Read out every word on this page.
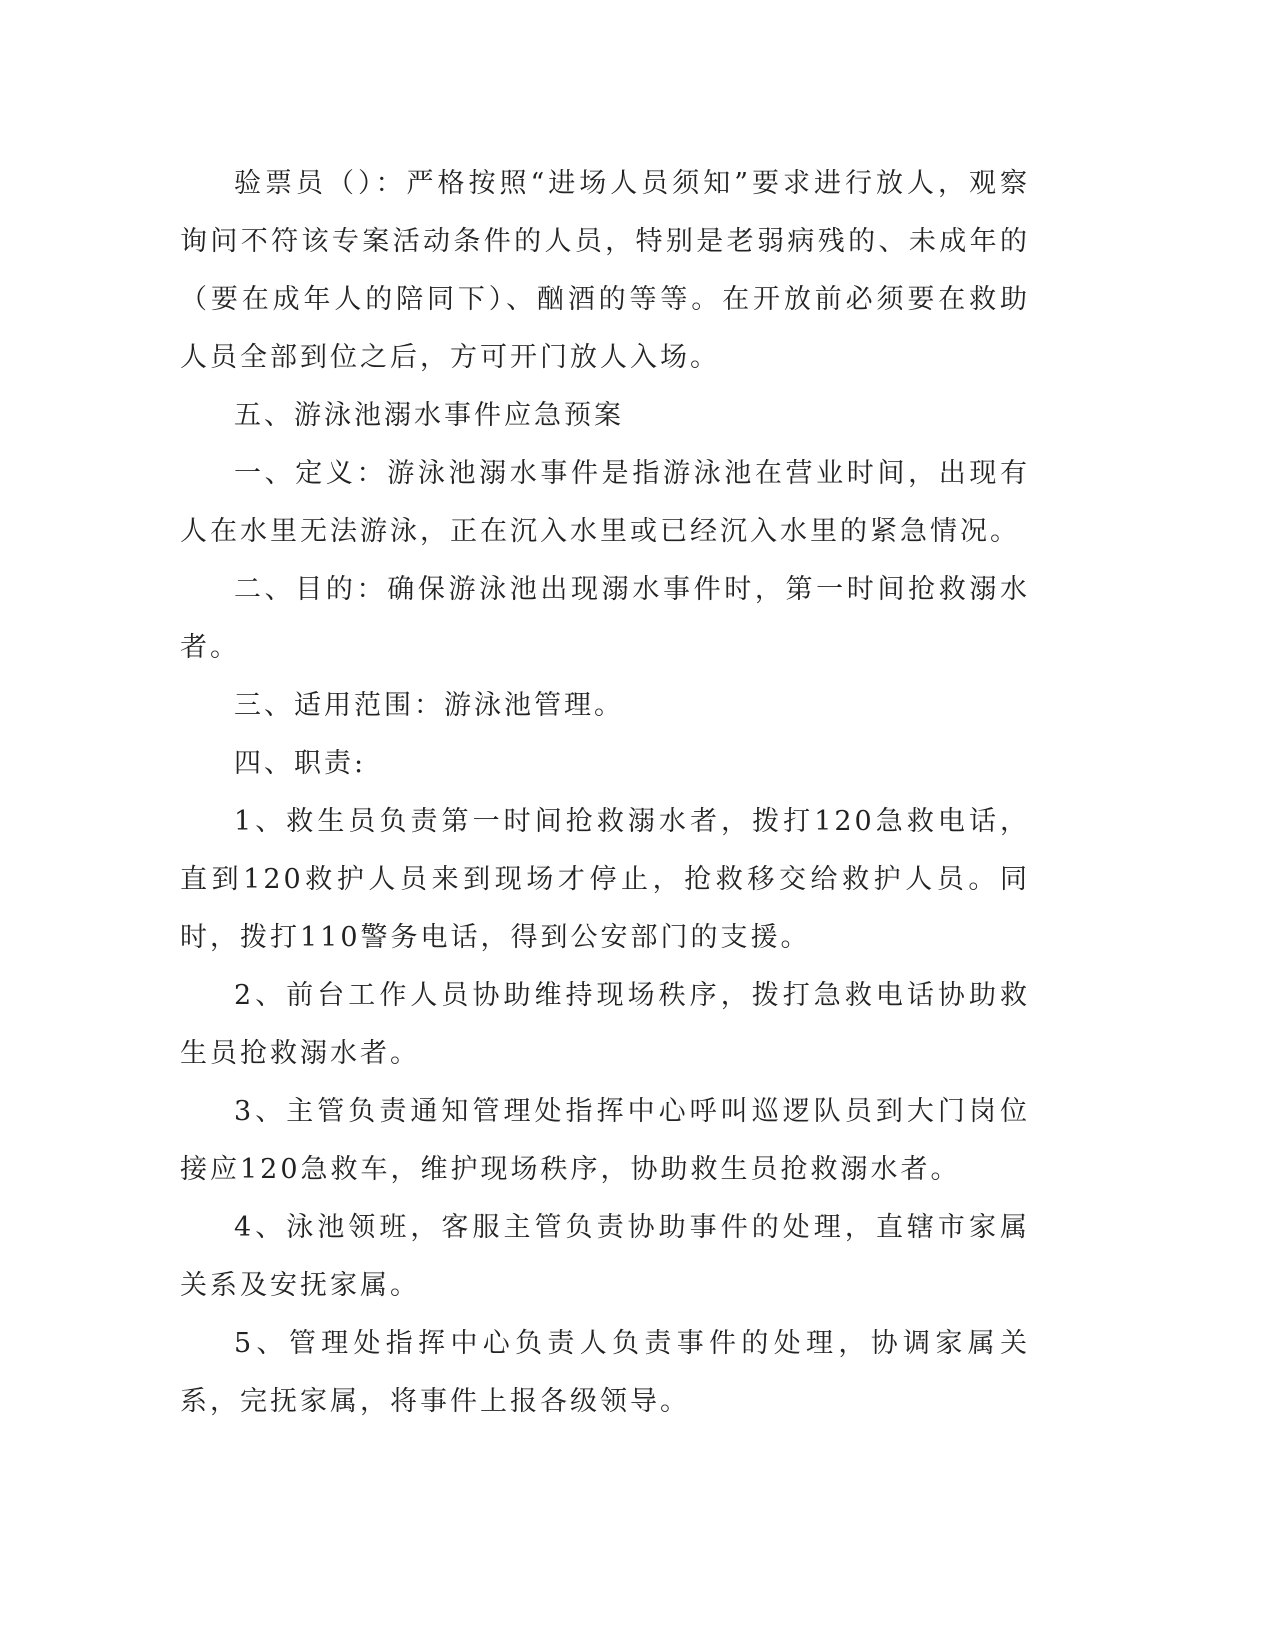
验票员（）：严格按照“进场人员须知”要求进行放人，观察询问不符该专案活动条件的人员，特别是老弱病残的、未成年的（要在成年人的陪同下）、酗酒的等等。在开放前必须要在救助人员全部到位之后，方可开门放人入场。

五、游泳池溺水事件应急预案

一、定义：游泳池溺水事件是指游泳池在营业时间，出现有人在水里无法游泳，正在沉入水里或已经沉入水里的紧急情况。

二、目的：确保游泳池出现溺水事件时，第一时间抢救溺水者。

三、适用范围：游泳池管理。

四、职责:

1、救生员负责第一时间抢救溺水者，拨打120急救电话，直到120救护人员来到现场才停止，抢救移交给救护人员。同时，拨打110警务电话，得到公安部门的支援。

2、前台工作人员协助维持现场秩序，拨打急救电话协助救生员抢救溺水者。

3、主管负责通知管理处指挥中心呼叫巡逻队员到大门岗位接应120急救车，维护现场秩序，协助救生员抢救溺水者。

4、泳池领班，客服主管负责协助事件的处理，直辖市家属关系及安抚家属。

5、管理处指挥中心负责人负责事件的处理，协调家属关系，完抚家属，将事件上报各级领导。
